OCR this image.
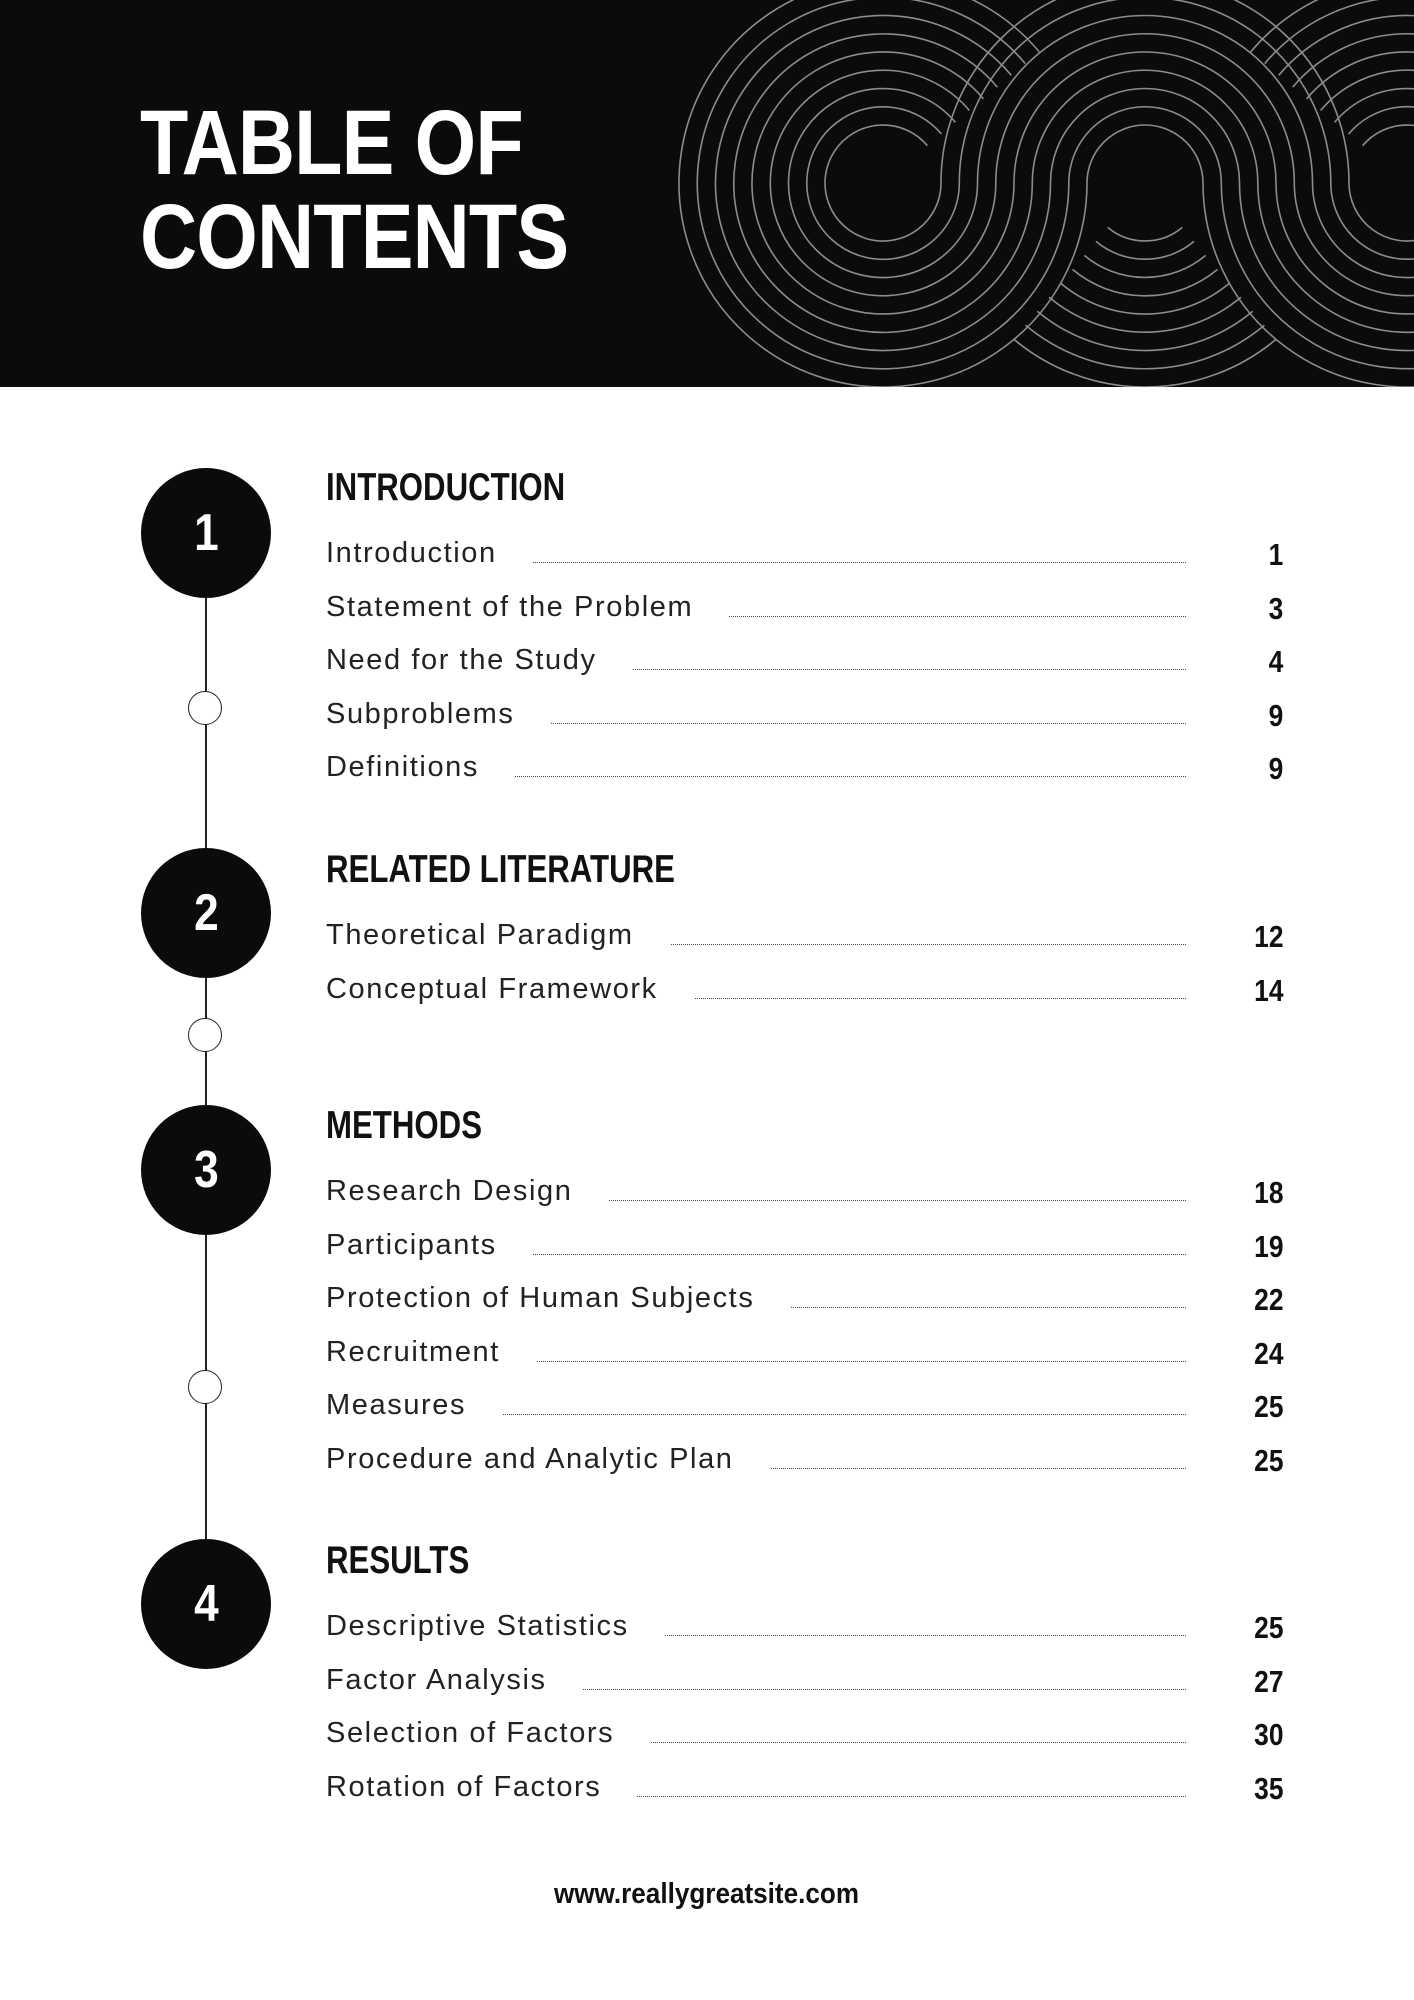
TABLE OF
CONTENTS
1
INTRODUCTION
Introduction	1
Statement of the Problem	3
Need for the Study	4
Subproblems	9
Definitions	9
2
RELATED LITERATURE
Theoretical Paradigm	12
Conceptual Framework	14
3
METHODS
Research Design	18
Participants	19
Protection of Human Subjects	22
Recruitment	24
Measures	25
Procedure and Analytic Plan	25
4
RESULTS
Descriptive Statistics	25
Factor Analysis	27
Selection of Factors	30
Rotation of Factors	35
www.reallygreatsite.com
